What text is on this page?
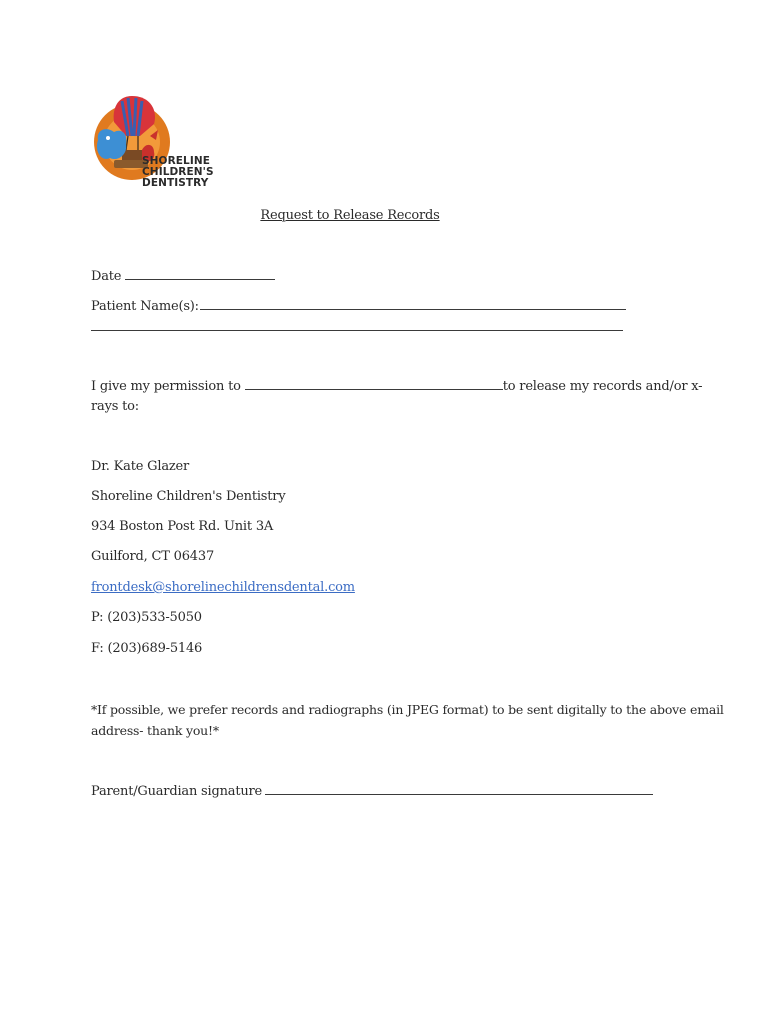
SHORELINE
CHILDREN'S
DENTISTRY
Request to Release Records
Date
Patient Name(s):
I give my permission to	to release my records and/or x-
rays to:
Dr. Kate Glazer
Shoreline Children's Dentistry
934 Boston Post Rd. Unit 3A
Guilford, CT 06437
frontdesk@shorelinechildrensdental.com
P: (203)533-5050
F: (203)689-5146
*If possible, we prefer records and radiographs (in JPEG format) to be sent digitally to the above email
address- thank you!*
Parent/Guardian signature
